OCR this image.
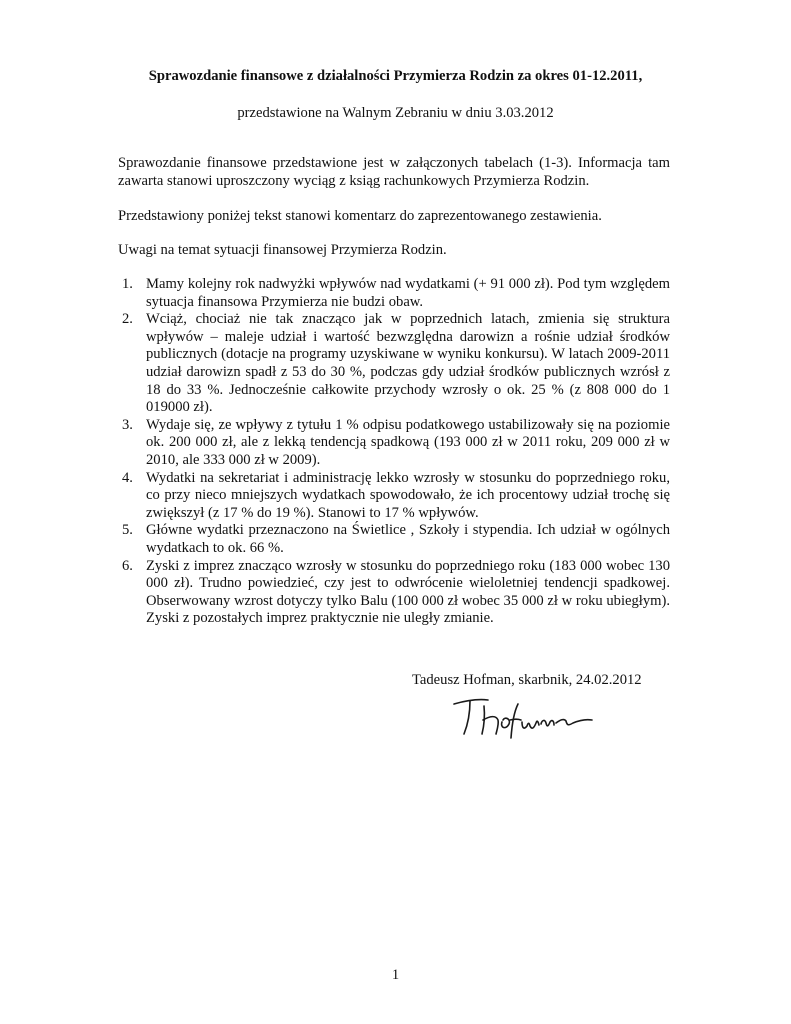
Sprawozdanie finansowe z działalności Przymierza Rodzin za okres 01-12.2011,
przedstawione na Walnym Zebraniu w dniu 3.03.2012

Sprawozdanie finansowe przedstawione jest w załączonych tabelach (1-3). Informacja tam zawarta stanowi uproszczony wyciąg z ksiąg rachunkowych Przymierza Rodzin.

Przedstawiony poniżej tekst stanowi komentarz do zaprezentowanego zestawienia.

Uwagi na temat sytuacji finansowej Przymierza Rodzin.

1. Mamy kolejny rok nadwyżki wpływów nad wydatkami (+ 91 000 zł). Pod tym względem sytuacja finansowa Przymierza nie budzi obaw.
2. Wciąż, chociaż nie tak znacząco jak w poprzednich latach, zmienia się struktura wpływów – maleje udział i wartość bezwzględna darowizn a rośnie udział środków publicznych (dotacje na programy uzyskiwane w wyniku konkursu). W latach 2009-2011 udział darowizn spadł z 53 do 30 %, podczas gdy udział środków publicznych wzrósł z 18 do 33 %. Jednocześnie całkowite przychody wzrosły o ok. 25 % (z 808 000 do 1 019000 zł).
3. Wydaje się, ze wpływy z tytułu 1 % odpisu podatkowego ustabilizowały się na poziomie ok. 200 000 zł, ale z lekką tendencją spadkową (193 000 zł w 2011 roku, 209 000 zł w 2010, ale 333 000 zł w 2009).
4. Wydatki na sekretariat i administrację lekko wzrosły w stosunku do poprzedniego roku, co przy nieco mniejszych wydatkach spowodowało, że ich procentowy udział trochę się zwiększył (z 17 % do 19 %). Stanowi to 17 % wpływów.
5. Główne wydatki przeznaczono na Świetlice , Szkoły i stypendia. Ich udział w ogólnych wydatkach to ok. 66 %.
6. Zyski z imprez znacząco wzrosły w stosunku do poprzedniego roku (183 000 wobec 130 000 zł). Trudno powiedzieć, czy jest to odwrócenie wieloletniej tendencji spadkowej. Obserwowany wzrost dotyczy tylko Balu (100 000 zł wobec 35 000 zł w roku ubiegłym). Zyski z pozostałych imprez praktycznie nie uległy zmianie.
Tadeusz Hofman, skarbnik, 24.02.2012
1
